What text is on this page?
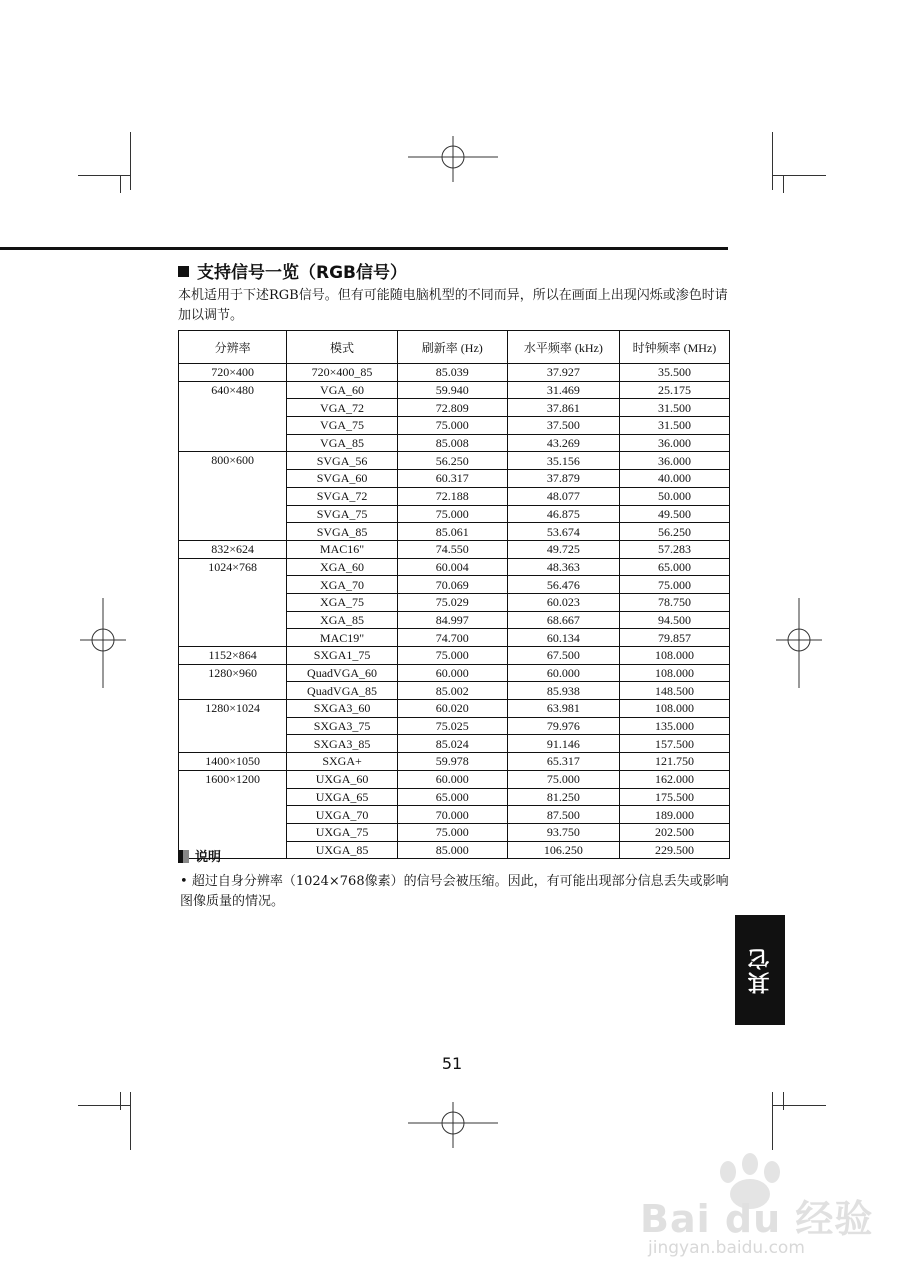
支持信号一览（RGB信号）
本机适用于下述RGB信号。但有可能随电脑机型的不同而异，所以在画面上出现闪烁或渗色时请加以调节。
分辨率	模式	刷新率 (Hz)	水平频率 (kHz)	时钟频率 (MHz)
720×400	720×400_85	85.039	37.927	35.500
640×480	VGA_60	59.940	31.469	25.175
	VGA_72	72.809	37.861	31.500
	VGA_75	75.000	37.500	31.500
	VGA_85	85.008	43.269	36.000
800×600	SVGA_56	56.250	35.156	36.000
	SVGA_60	60.317	37.879	40.000
	SVGA_72	72.188	48.077	50.000
	SVGA_75	75.000	46.875	49.500
	SVGA_85	85.061	53.674	56.250
832×624	MAC16"	74.550	49.725	57.283
1024×768	XGA_60	60.004	48.363	65.000
	XGA_70	70.069	56.476	75.000
	XGA_75	75.029	60.023	78.750
	XGA_85	84.997	68.667	94.500
	MAC19"	74.700	60.134	79.857
1152×864	SXGA1_75	75.000	67.500	108.000
1280×960	QuadVGA_60	60.000	60.000	108.000
	QuadVGA_85	85.002	85.938	148.500
1280×1024	SXGA3_60	60.020	63.981	108.000
	SXGA3_75	75.025	79.976	135.000
	SXGA3_85	85.024	91.146	157.500
1400×1050	SXGA+	59.978	65.317	121.750
1600×1200	UXGA_60	60.000	75.000	162.000
	UXGA_65	65.000	81.250	175.500
	UXGA_70	70.000	87.500	189.000
	UXGA_75	75.000	93.750	202.500
	UXGA_85	85.000	106.250	229.500
说明
• 超过自身分辨率（1024×768像素）的信号会被压缩。因此，有可能出现部分信息丢失或影响图像质量的情况。
其它
51
Bai du 经验
jingyan.baidu.com
